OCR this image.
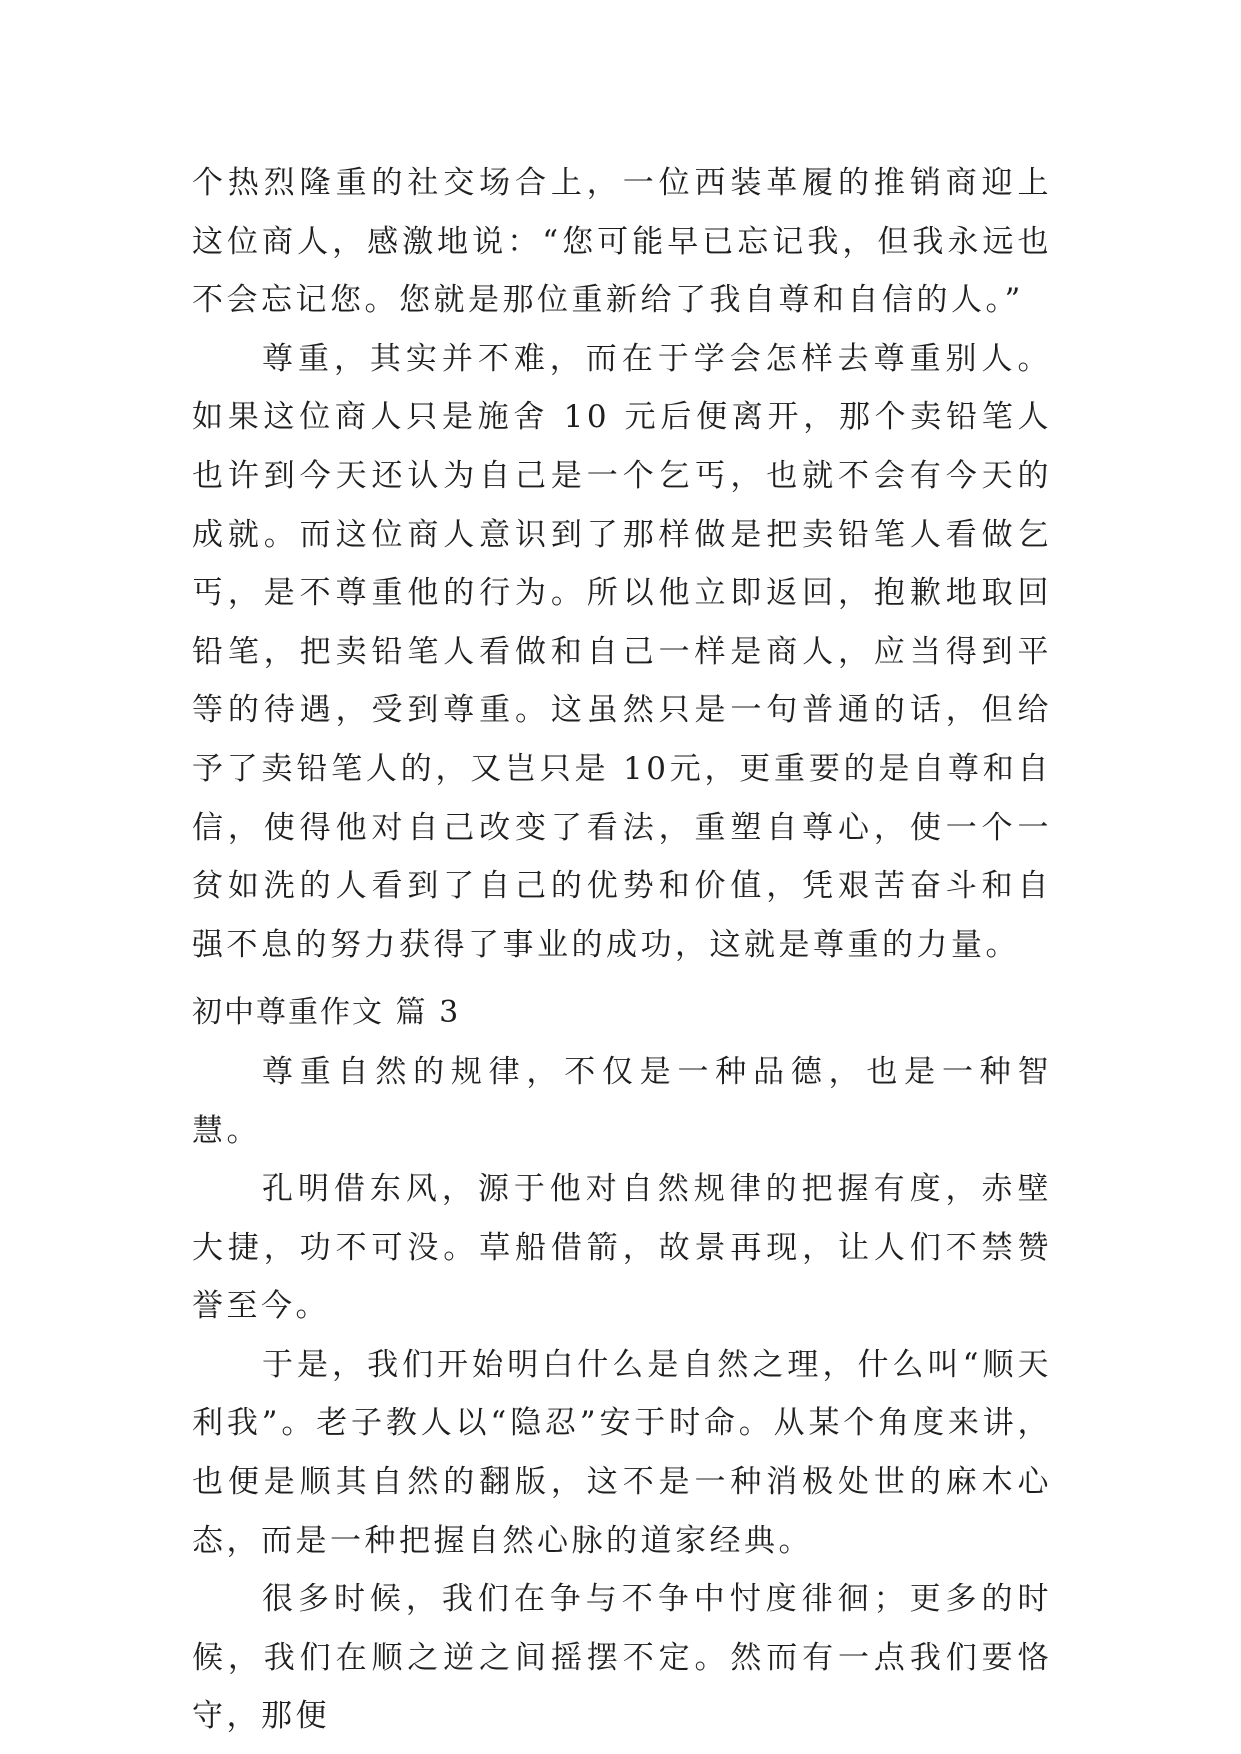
个热烈隆重的社交场合上，一位西装革履的推销商迎上这位商人，感激地说：“您可能早已忘记我，但我永远也不会忘记您。您就是那位重新给了我自尊和自信的人。”

尊重，其实并不难，而在于学会怎样去尊重别人。如果这位商人只是施舍 10 元后便离开，那个卖铅笔人也许到今天还认为自己是一个乞丐，也就不会有今天的成就。而这位商人意识到了那样做是把卖铅笔人看做乞丐，是不尊重他的行为。所以他立即返回，抱歉地取回铅笔，把卖铅笔人看做和自己一样是商人，应当得到平等的待遇，受到尊重。这虽然只是一句普通的话，但给予了卖铅笔人的，又岂只是 10元，更重要的是自尊和自信，使得他对自己改变了看法，重塑自尊心，使一个一贫如洗的人看到了自己的优势和价值，凭艰苦奋斗和自强不息的努力获得了事业的成功，这就是尊重的力量。

初中尊重作文 篇 3

尊重自然的规律，不仅是一种品德，也是一种智慧。

孔明借东风，源于他对自然规律的把握有度，赤壁大捷，功不可没。草船借箭，故景再现，让人们不禁赞誉至今。

于是，我们开始明白什么是自然之理，什么叫“顺天利我”。老子教人以“隐忍”安于时命。从某个角度来讲，也便是顺其自然的翻版，这不是一种消极处世的麻木心态，而是一种把握自然心脉的道家经典。

很多时候，我们在争与不争中忖度徘徊；更多的时候，我们在顺之逆之间摇摆不定。然而有一点我们要恪守，那便
